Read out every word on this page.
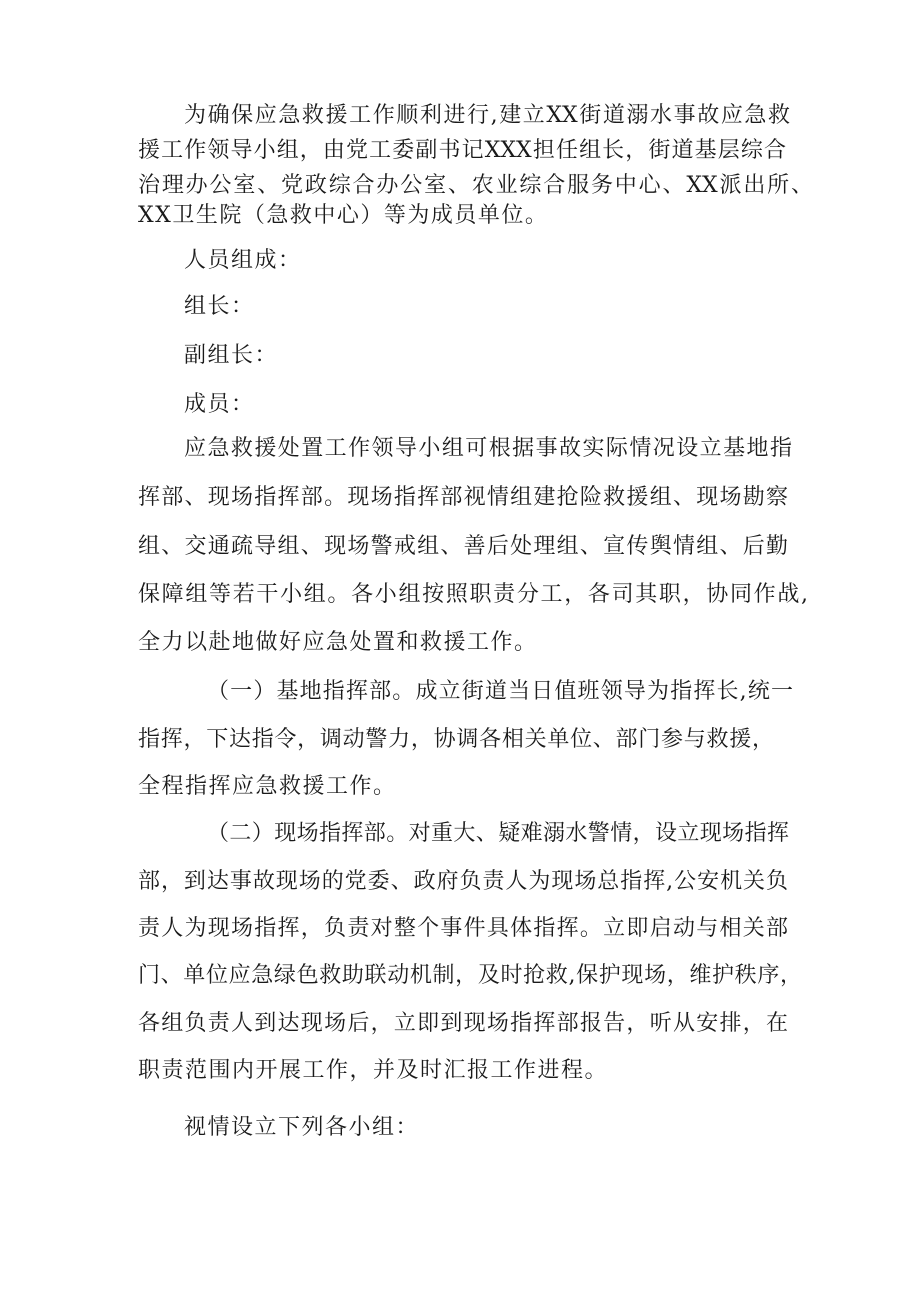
为确保应急救援工作顺利进行,建立XX街道溺水事故应急救
援工作领导小组，由党工委副书记XXX担任组长，街道基层综合
治理办公室、党政综合办公室、农业综合服务中心、XX派出所、
XX卫生院（急救中心）等为成员单位。
人员组成：
组长：
副组长：
成员：
应急救援处置工作领导小组可根据事故实际情况设立基地指
挥部、现场指挥部。现场指挥部视情组建抢险救援组、现场勘察
组、交通疏导组、现场警戒组、善后处理组、宣传舆情组、后勤
保障组等若干小组。各小组按照职责分工，各司其职，协同作战,
全力以赴地做好应急处置和救援工作。
（一）基地指挥部。成立街道当日值班领导为指挥长,统一
指挥，下达指令，调动警力，协调各相关单位、部门参与救援，
全程指挥应急救援工作。
（二）现场指挥部。对重大、疑难溺水警情，设立现场指挥
部，到达事故现场的党委、政府负责人为现场总指挥,公安机关负
责人为现场指挥，负责对整个事件具体指挥。立即启动与相关部
门、单位应急绿色救助联动机制，及时抢救,保护现场，维护秩序，
各组负责人到达现场后，立即到现场指挥部报告，听从安排，在
职责范围内开展工作，并及时汇报工作进程。
视情设立下列各小组：
